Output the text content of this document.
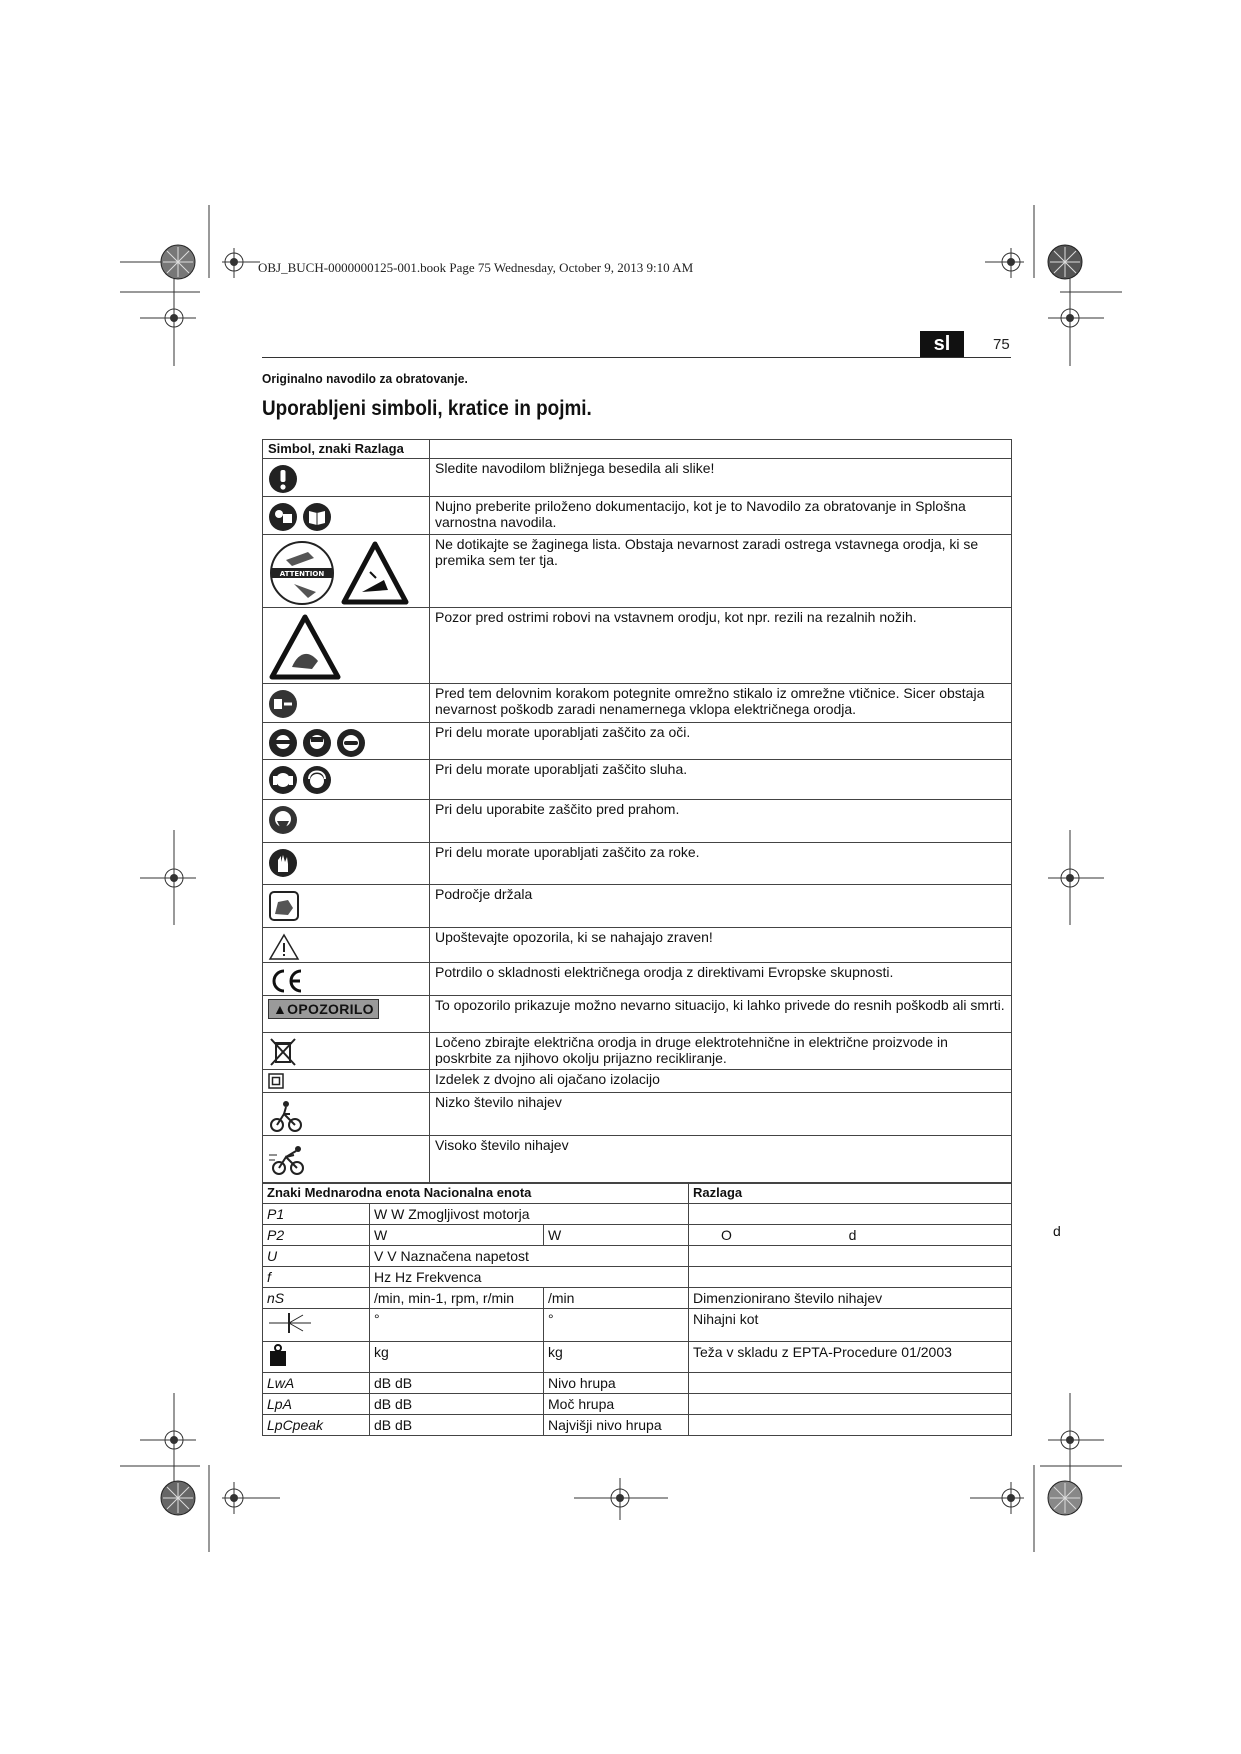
OBJ_BUCH-0000000125-001.book Page 75 Wednesday, October 9, 2013 9:10 AM
sl	75
Originalno navodilo za obratovanje.
Uporabljeni simboli, kratice in pojmi.
Simbol, znaki Razlaga	

	Sledite navodilom bližnjega besedila ali slike!

	Nujno preberite priloženo dokumentacijo, kot je to Navodilo za obratovanje in Splošna varnostna navodila.

ATTENTION	Ne dotikajte se žaginega lista. Obstaja nevarnost zaradi ostrega vstavnega orodja, ki se premika sem ter tja.

	Pozor pred ostrimi robovi na vstavnem orodju, kot npr. rezili na rezalnih nožih.

	Pred tem delovnim korakom potegnite omrežno stikalo iz omrežne vtičnice. Sicer obstaja nevarnost poškodb zaradi nenamernega vklopa električnega orodja.

	Pri delu morate uporabljati zaščito za oči.

	Pri delu morate uporabljati zaščito sluha.

	Pri delu uporabite zaščito pred prahom.

	Pri delu morate uporabljati zaščito za roke.

	Področje držala

	Upoštevajte opozorila, ki se nahajajo zraven!

	Potrdilo o skladnosti električnega orodja z direktivami Evropske skupnosti.

▲OPOZORILO	To opozorilo prikazuje možno nevarno situacijo, ki lahko privede do resnih poškodb ali smrti.

	Ločeno zbirajte električna orodja in druge elektrotehnične in električne proizvode in poskrbite za njihovo okolju prijazno recikliranje.

	Izdelek z dvojno ali ojačano izolacijo

	Nizko število nihajev

	Visoko število nihajev
Znaki Mednarodna enota Nacionalna enota			Razlaga
P1	W W Zmogljivost motorja		
P2	W	W	O                              d
U	V V Naznačena napetost		
f	Hz Hz Frekvenca		
nS	/min, min-1, rpm, r/min	/min	Dimenzionirano število nihajev
	°	°	Nihajni kot
	kg	kg	Teža v skladu z EPTA-Procedure 01/2003
LwA	dB dB	Nivo hrupa	
LpA	dB dB	Moč hrupa	
LpCpeak	dB dB	Najvišji nivo hrupa	
d
